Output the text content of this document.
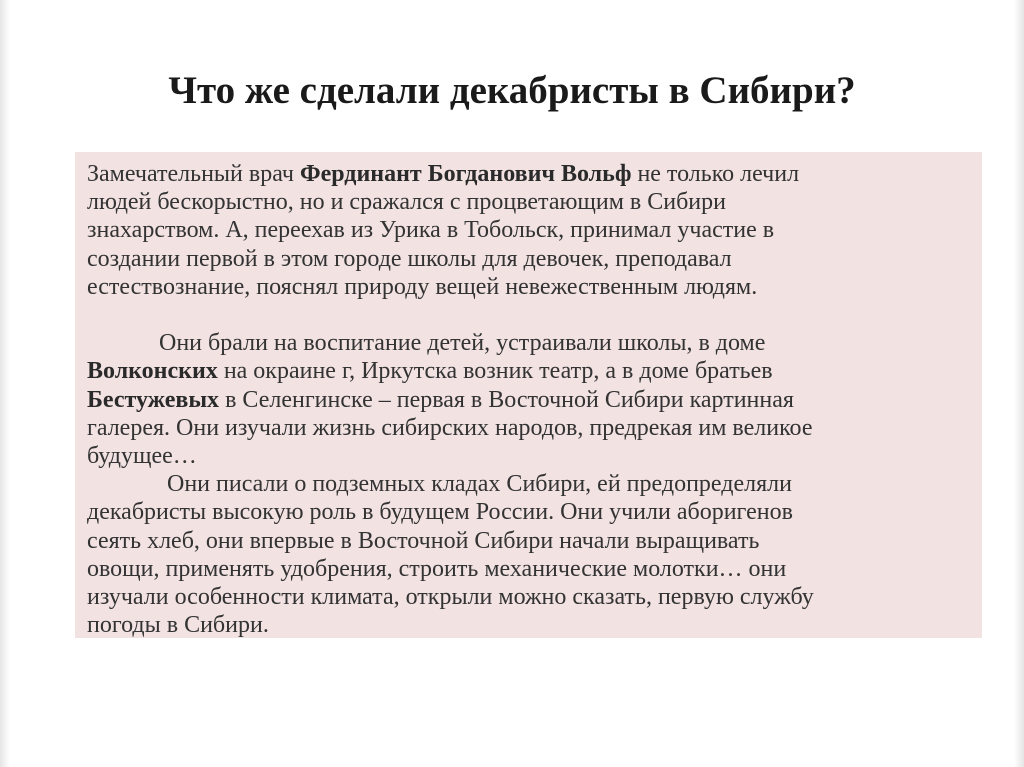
Что же сделали декабристы в Сибири?
Замечательный врач Фердинант Богданович Вольф не только лечил
людей бескорыстно, но и сражался с процветающим в Сибири
знахарством. А, переехав из Урика в Тобольск, принимал участие в
создании первой в этом городе школы для девочек, преподавал
естествознание, пояснял природу вещей невежественным людям.
Они брали на воспитание детей, устраивали школы, в доме
Волконских на окраине г, Иркутска возник театр, а в доме братьев
Бестужевых в Селенгинске – первая в Восточной Сибири картинная
галерея. Они изучали жизнь сибирских народов, предрекая им великое
будущее…
Они писали о подземных кладах Сибири, ей предопределяли
декабристы высокую роль в будущем России. Они учили аборигенов
сеять хлеб, они впервые в Восточной Сибири начали выращивать
овощи, применять удобрения, строить механические молотки… они
изучали особенности климата, открыли можно сказать, первую службу
погоды в Сибири.
